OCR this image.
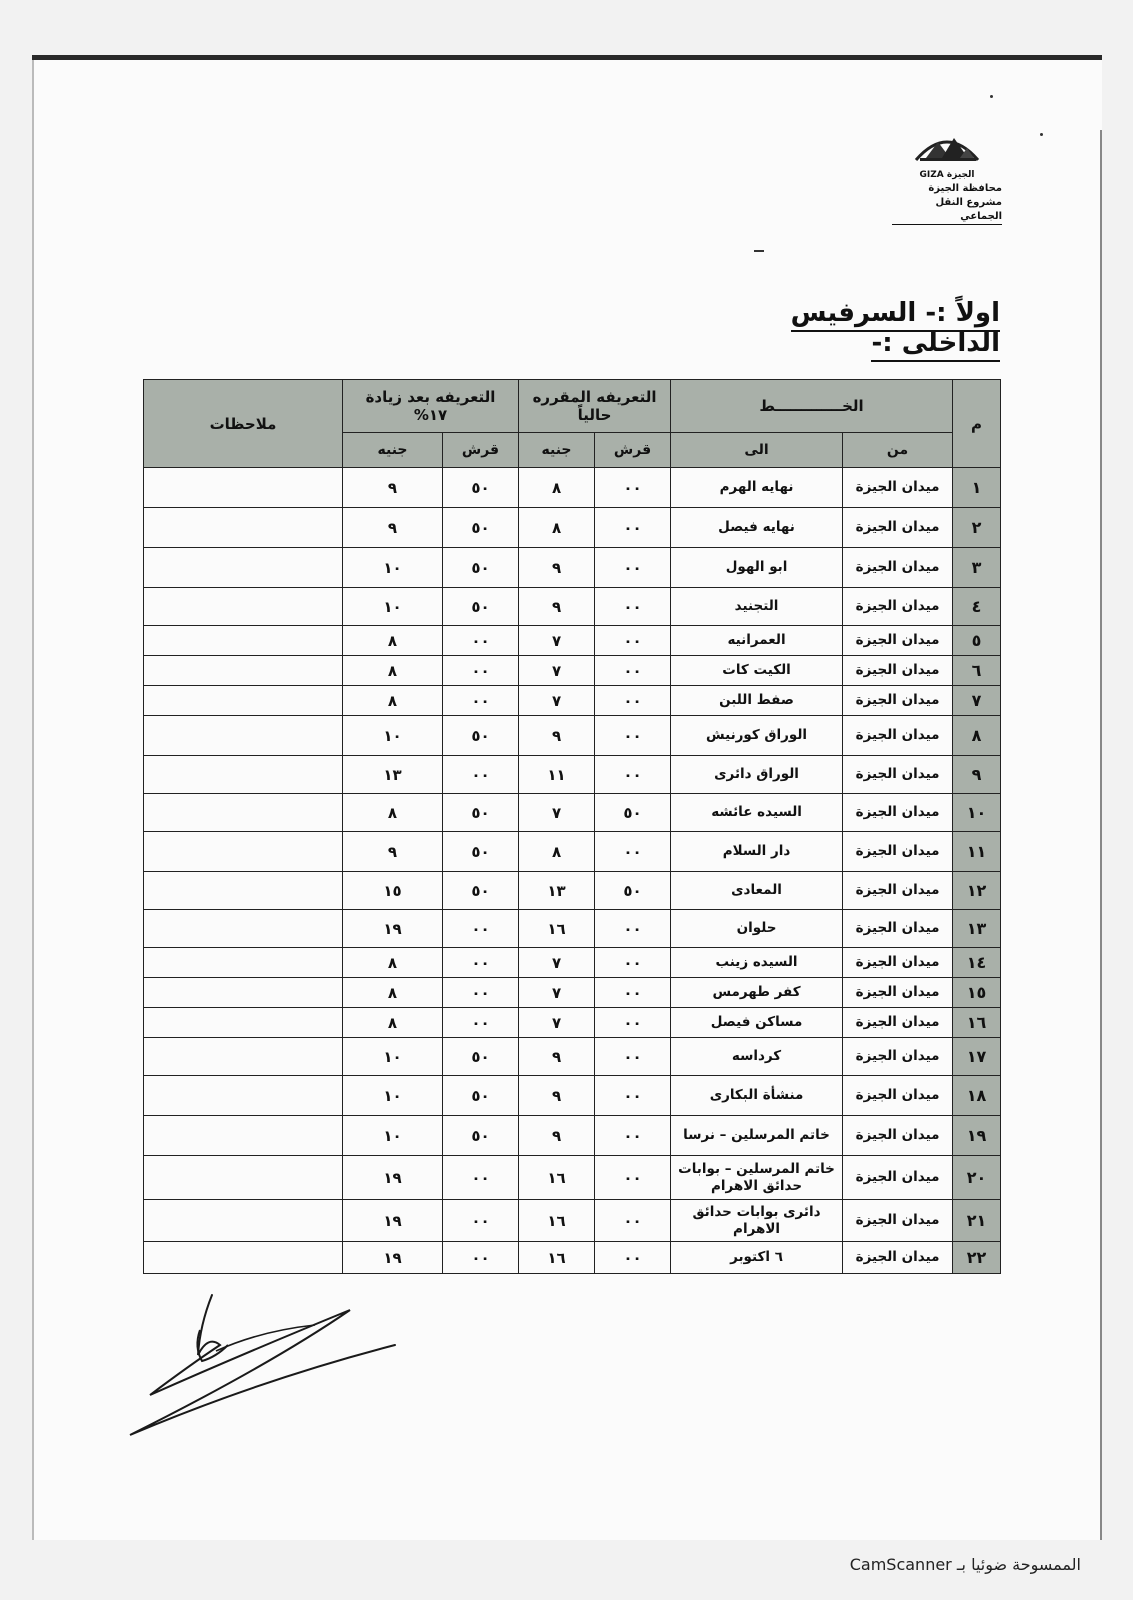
GIZA الجيزة
محافظة الجيزة
مشروع النقل الجماعي
اولاً :- السرفيس الداخلى :-
م	الخـــــــــــــط		التعريفه المقرره حالياً		التعريفه بعد زيادة ١٧%		ملاحظات
	من	الى	قرش	جنيه	قرش	جنيه	
١	ميدان الجيزة	نهايه الهرم	٠٠	٨	٥٠	٩	
٢	ميدان الجيزة	نهايه فيصل	٠٠	٨	٥٠	٩	
٣	ميدان الجيزة	ابو الهول	٠٠	٩	٥٠	١٠	
٤	ميدان الجيزة	التجنيد	٠٠	٩	٥٠	١٠	
٥	ميدان الجيزة	العمرانيه	٠٠	٧	٠٠	٨	
٦	ميدان الجيزة	الكيت كات	٠٠	٧	٠٠	٨	
٧	ميدان الجيزة	صفط اللبن	٠٠	٧	٠٠	٨	
٨	ميدان الجيزة	الوراق كورنيش	٠٠	٩	٥٠	١٠	
٩	ميدان الجيزة	الوراق دائرى	٠٠	١١	٠٠	١٣	
١٠	ميدان الجيزة	السيده عائشه	٥٠	٧	٥٠	٨	
١١	ميدان الجيزة	دار السلام	٠٠	٨	٥٠	٩	
١٢	ميدان الجيزة	المعادى	٥٠	١٣	٥٠	١٥	
١٣	ميدان الجيزة	حلوان	٠٠	١٦	٠٠	١٩	
١٤	ميدان الجيزة	السيده زينب	٠٠	٧	٠٠	٨	
١٥	ميدان الجيزة	كفر طهرمس	٠٠	٧	٠٠	٨	
١٦	ميدان الجيزة	مساكن فيصل	٠٠	٧	٠٠	٨	
١٧	ميدان الجيزة	كرداسه	٠٠	٩	٥٠	١٠	
١٨	ميدان الجيزة	منشأة البكارى	٠٠	٩	٥٠	١٠	
١٩	ميدان الجيزة	خاتم المرسلين – نرسا	٠٠	٩	٥٠	١٠	
٢٠	ميدان الجيزة	خاتم المرسلين – بوابات حدائق الاهرام	٠٠	١٦	٠٠	١٩	
٢١	ميدان الجيزة	دائرى بوابات حدائق الاهرام	٠٠	١٦	٠٠	١٩	
٢٢	ميدان الجيزة	٦ اكتوبر	٠٠	١٦	٠٠	١٩	
الممسوحة ضوئيا بـ CamScanner
